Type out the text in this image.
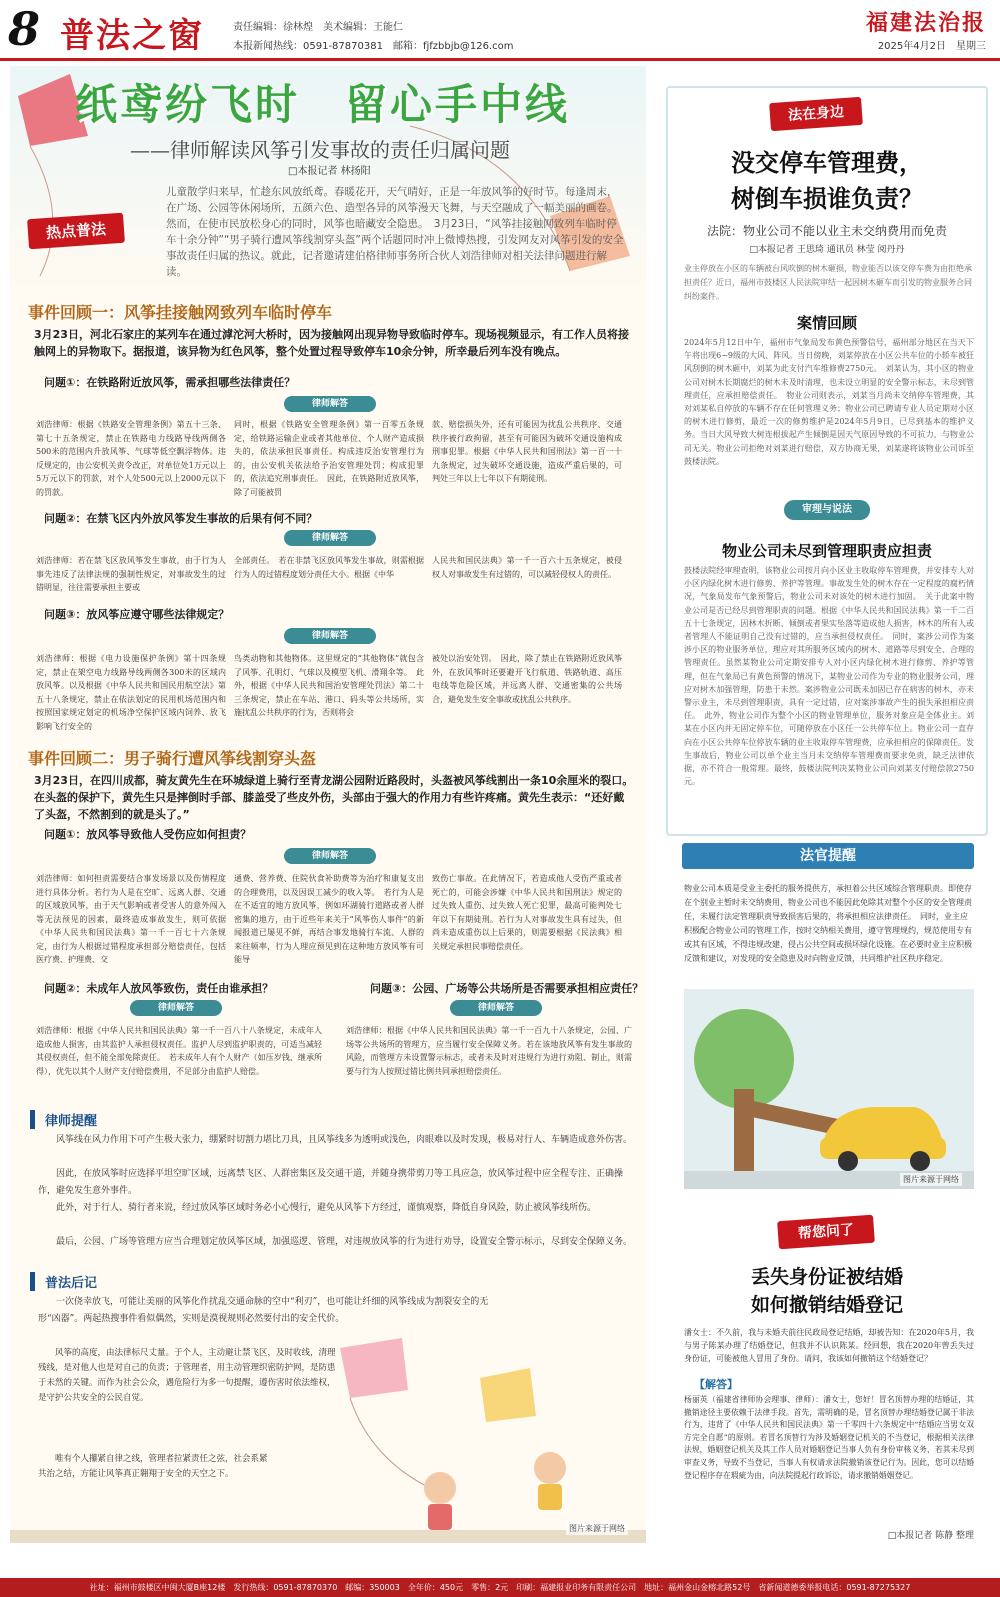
8 普法之窗	责任编辑：徐林煌　美术编辑：王能仁
本报新闻热线：0591-87870381　邮箱：fjfzbbjb@126.com
福建法治报
2025年4月2日　星期三
纸鸢纷飞时　留心手中线
——律师解读风筝引发事故的责任归属问题
□本报记者 林扬阳
热点普法
儿童散学归来早，忙趁东风放纸鸢。春暖花开，天气晴好，正是一年放风筝的好时节。每逢周末，在广场、公园等休闲场所，五颜六色、造型各异的风筝漫天飞舞，与天空融成了一幅美丽的画卷。然而，在使市民放松身心的同时，风筝也暗藏安全隐患。　3月23日，“风筝挂接触网致列车临时停车十余分钟”“男子骑行遭风筝线割穿头盔”两个话题同时冲上微博热搜，引发网友对风筝引发的安全事故责任归属的热议。就此，记者邀请建伯格律师事务所合伙人刘浩律师对相关法律问题进行解读。
事件回顾一：风筝挂接触网致列车临时停车
3月23日，河北石家庄的某列车在通过滹沱河大桥时，因为接触网出现异物导致临时停车。现场视频显示，有工作人员将接触网上的异物取下。据报道，该异物为红色风筝，整个处置过程导致停车10余分钟，所幸最后列车没有晚点。
问题①：在铁路附近放风筝，需承担哪些法律责任？
律师解答
刘浩律师：根据《铁路安全管理条例》第五十三条、第七十五条规定，禁止在铁路电力线路导线两侧各500米的范围内升放风筝、气球等低空飘浮物体。违反规定的，由公安机关责令改正，对单位处1万元以上5万元以下的罚款，对个人处500元以上2000元以下的罚款。
同时，根据《铁路安全管理条例》第一百零五条规定，给铁路运输企业或者其他单位、个人财产造成损失的，依法承担民事责任。构成违反治安管理行为的，由公安机关依法给予治安管理处罚；构成犯罪的，依法追究刑事责任。　因此，在铁路附近放风筝，除了可能被罚
款、赔偿损失外，还有可能因为扰乱公共秩序、交通秩序被行政拘留，甚至有可能因为破坏交通设施构成刑事犯罪。根据《中华人民共和国刑法》第一百一十九条规定，过失破坏交通设施，造成严重后果的，可判处三年以上七年以下有期徒刑。
问题②：在禁飞区内外放风筝发生事故的后果有何不同？
律师解答
刘浩律师：若在禁飞区放风筝发生事故，由于行为人事先违反了法律法规的强制性规定，对事故发生的过错明显，往往需要承担主要或
全部责任。　若在非禁飞区放风筝发生事故，则需根据行为人的过错程度划分责任大小。根据《中华
人民共和国民法典》第一千一百六十五条规定，被侵权人对事故发生有过错的，可以减轻侵权人的责任。
问题③：放风筝应遵守哪些法律规定？
律师解答
刘浩律师：根据《电力设施保护条例》第十四条规定，禁止在架空电力线路导线两侧各300米的区域内放风筝。以及根据《中华人民共和国民用航空法》第五十八条规定，禁止在依法划定的民用机场范围内和按照国家规定划定的机场净空保护区域内饲养、放飞影响飞行安全的
鸟类动物和其他物体。这里规定的“其他物体”就包含了风筝、孔明灯、气球以及模型飞机、滑翔伞等。　此外，根据《中华人民共和国治安管理处罚法》第二十三条规定，禁止在车站、港口、码头等公共场所，实施扰乱公共秩序的行为，否则将会
被处以治安处罚。　因此，除了禁止在铁路附近放风筝外，在放风筝时还要避开飞行航道、铁路轨道、高压电线等危险区域，并远离人群、交通密集的公共场合，避免发生安全事故或扰乱公共秩序。
事件回顾二：男子骑行遭风筝线割穿头盔
3月23日，在四川成都，骑友黄先生在环城绿道上骑行至青龙湖公园附近路段时，头盔被风筝线割出一条10余厘米的裂口。在头盔的保护下，黄先生只是摔倒时手部、膝盖受了些皮外伤，头部由于强大的作用力有些许疼痛。黄先生表示：“还好戴了头盔，不然割到的就是头了。”
问题①：放风筝导致他人受伤应如何担责？
律师解答
刘浩律师：如何担责需要结合事发场景以及伤情程度进行具体分析。若行为人是在空旷、远离人群、交通的区域放风筝，由于天气影响或者受害人的意外闯入等无法预见的因素，最终造成事故发生，则可依据《中华人民共和国民法典》第一千一百七十六条规定，由行为人根据过错程度承担部分赔偿责任，包括医疗费、护理费、交
通费、营养费、住院伙食补助费等为治疗和康复支出的合理费用，以及因误工减少的收入等。　若行为人是在不适宜的地方放风筝，例如环湖骑行道路或者人群密集的地方，由于近些年来关于“风筝伤人事件”的新闻报道已屡见不鲜，再结合事发地骑行车流、人群的来往频率，行为人理应预见到在这种地方放风筝有可能导
致伤亡事故。在此情况下，若造成他人受伤严重或者死亡的，可能会涉嫌《中华人民共和国刑法》规定的过失致人重伤、过失致人死亡犯罪，最高可能判处七年以下有期徒刑。若行为人对事故发生具有过失，但尚未造成重伤以上后果的，则需要根据《民法典》相关规定承担民事赔偿责任。
问题②：未成年人放风筝致伤，责任由谁承担？	问题③：公园、广场等公共场所是否需要承担相应责任？
律师解答	律师解答
刘浩律师：根据《中华人民共和国民法典》第一千一百八十八条规定，未成年人造成他人损害，由其监护人承担侵权责任。监护人尽到监护职责的，可适当减轻其侵权责任，但不能全部免除责任。　若未成年人有个人财产（如压岁钱、继承所得），优先以其个人财产支付赔偿费用，不足部分由监护人赔偿。
刘浩律师：根据《中华人民共和国民法典》第一千一百九十八条规定，公园、广场等公共场所的管理方，应当履行安全保障义务。若在该地放风筝有发生事故的风险，而管理方未设置警示标志，或者未及时对违规行为进行劝阻、制止，则需要与行为人按照过错比例共同承担赔偿责任。
律师提醒
风筝线在风力作用下可产生极大张力，绷紧时切割力堪比刀具，且风筝线多为透明或浅色，肉眼难以及时发现，极易对行人、车辆造成意外伤害。
因此，在放风筝时应选择平坦空旷区域，远离禁飞区、人群密集区及交通干道，并随身携带剪刀等工具应急，放风筝过程中应全程专注、正确操作，避免发生意外事件。
此外，对于行人、骑行者来说，经过放风筝区域时务必小心慢行，避免从风筝下方经过，谨慎观察，降低自身风险，防止被风筝线所伤。
最后，公园、广场等管理方应当合理划定放风筝区域，加强巡逻、管理，对违规放风筝的行为进行劝导，设置安全警示标示，尽到安全保障义务。
普法后记
一次侥幸放飞，可能让美丽的风筝化作扰乱交通命脉的空中“利刃”，也可能让纤细的风筝线成为割裂安全的无形“凶器”。两起热搜事件看似偶然，实则是漠视规则必然要付出的安全代价。
风筝的高度，由法律标尺丈量。于个人，主动避让禁飞区，及时收线，清理残线，是对他人也是对自己的负责；于管理者，用主动管理织密防护网，是防患于未然的关键。而作为社会公众，遇危险行为多一句提醒，遵伤害时依法维权，是守护公共安全的公民自觉。
唯有个人攥紧自律之线，管理者拉紧责任之弦，社会系紧共治之结，方能让风筝真正翱翔于安全的天空之下。
图片来源于网络
法在身边
没交停车管理费，
树倒车损谁负责？
法院：物业公司不能以业主未交纳费用而免责
□本报记者 王思琦 通讯员 林莹 阅丹丹
业主停放在小区的车辆被台风吹倒的树木砸损，物业能否以该交停车费为由拒绝承担责任？近日，福州市鼓楼区人民法院审结一起因树木砸车而引发的物业服务合同纠纷案件。
案情回顾
2024年5月12日中午，福州市气象局发布黄色预警信号，福州部分地区在当天下午将出现6~9级的大风、阵风。当日傍晚，刘某停放在小区公共车位的小轿车被狂风刮倒的树木砸中，刘某为此支付汽车维修费2750元。　刘某认为，其小区的物业公司对树木长期腐烂的树木未及时清理，也未设立明显的安全警示标志，未尽到管理责任，应承担赔偿责任。　物业公司则表示，刘某当月尚未交纳停车管理费，其对刘某私自停放的车辆不存在任何管理义务；物业公司已聘请专业人员定期对小区的树木进行修剪，最近一次的修剪维护是2024年5月9日，已尽到基本的维护义务。当日大风导致大树连根拔起产生倾倒是因天气原因导致的不可抗力，与物业公司无关。物业公司拒绝对刘某进行赔偿，双方协商无果，刘某遂将该物业公司诉至鼓楼法院。
审理与说法
物业公司未尽到管理职责应担责
鼓楼法院经审理查明，该物业公司按月向小区业主收取停车管理费，并安排专人对小区内绿化树木进行修剪、养护等管理。事故发生处的树木存在一定程度的腐朽情况，气象局发布气象预警后，物业公司未对该处的树木进行加固。　关于此案中物业公司是否已经尽到管理职责的问题。根据《中华人民共和国民法典》第一千二百五十七条规定，因林木折断、倾倒或者果实坠落等造成他人损害，林木的所有人或者管理人不能证明自己没有过错的，应当承担侵权责任。　同时，案涉公司作为案涉小区的物业服务单位，理应对其所服务区域内的树木、道路等尽到安全、合理的管理责任。虽然某物业公司定期安排专人对小区内绿化树木进行修剪、养护等管理，但在气象局已有黄色预警的情况下，某物业公司作为专业的物业服务公司，理应对树木加强管理，防患于未然。案涉物业公司既未加固已存在病害的树木，亦未警示业主，未尽到管理职责，具有一定过错，应对案涉事故产生的损失承担相应责任。　此外，物业公司作为整个小区的物业管理单位，服务对象应是全体业主。刘某在小区内并无固定停车位，可随停放在小区任一公共停车位上。物业公司一直存向在小区公共停车位停放车辆的业主收取停车管理费，应承担相应的保障责任。发生事故后，物业公司以单个业主当月未交纳停车管理费而要求免责，缺乏法律依据，亦不符合一般常理。最终，鼓楼法院判决某物业公司向刘某支付赔偿款2750元。
法官提醒
物业公司本质是受业主委托的服务提供方，承担着公共区域综合管理职责。即使存在个别业主暂时未交纳费用，物业公司也不能因此免除其对整个小区的安全管理责任，未履行法定管理职责导致损害后果的，将承担相应法律责任。　同时，业主应积极配合物业公司的管理工作，按时交纳相关费用，遵守管理规约，规范使用专有或其有区域，不得违规改建，侵占公共空间或损坏绿化设施。在必要时业主应积极反馈和建议，对发现的安全隐患及时向物业反馈，共同维护社区秩序稳定。
图片来源于网络
帮您问了
丢失身份证被结婚
如何撤销结婚登记
潘女士：不久前，我与未婚夫前往民政局登记结婚，却被告知：在2020年5月，我与男子陈某办理了结婚登记，但我并不认识陈某。经回想，我在2020年曾丢失过身份证，可能被他人冒用了身份。请问，我该如何撤销这个结婚登记？
【解答】
杨丽英（福建省律师协会理事、律师）：潘女士，您好！冒名顶替办理的结婚证，其撤销途径主要依赖于法律手段。首先，需明确的是，冒名顶替办理结婚登记属于非法行为，违背了《中华人民共和国民法典》第一千零四十六条规定中“结婚应当男女双方完全自愿”的原则。若冒名顶替行为涉及婚姻登记机关的不当登记，根据相关法律法规，婚姻登记机关及其工作人员对婚姻登记当事人负有身份审核义务，若其未尽到审查义务，导致不当登记，当事人有权请求法院撤销该登记行为。因此，您可以结婚登记程序存在瑕疵为由，向法院提起行政诉讼，请求撤销婚姻登记。
□本报记者 陈静 整理
社址：福州市鼓楼区中闽大厦B座12楼　发行热线：0591-87870370　邮编：350003　全年价：450元　零售：2元　印刷：福建报业印务有限责任公司　地址：福州金山金榕北路52号　省新闻道德委举报电话：0591-87275327
